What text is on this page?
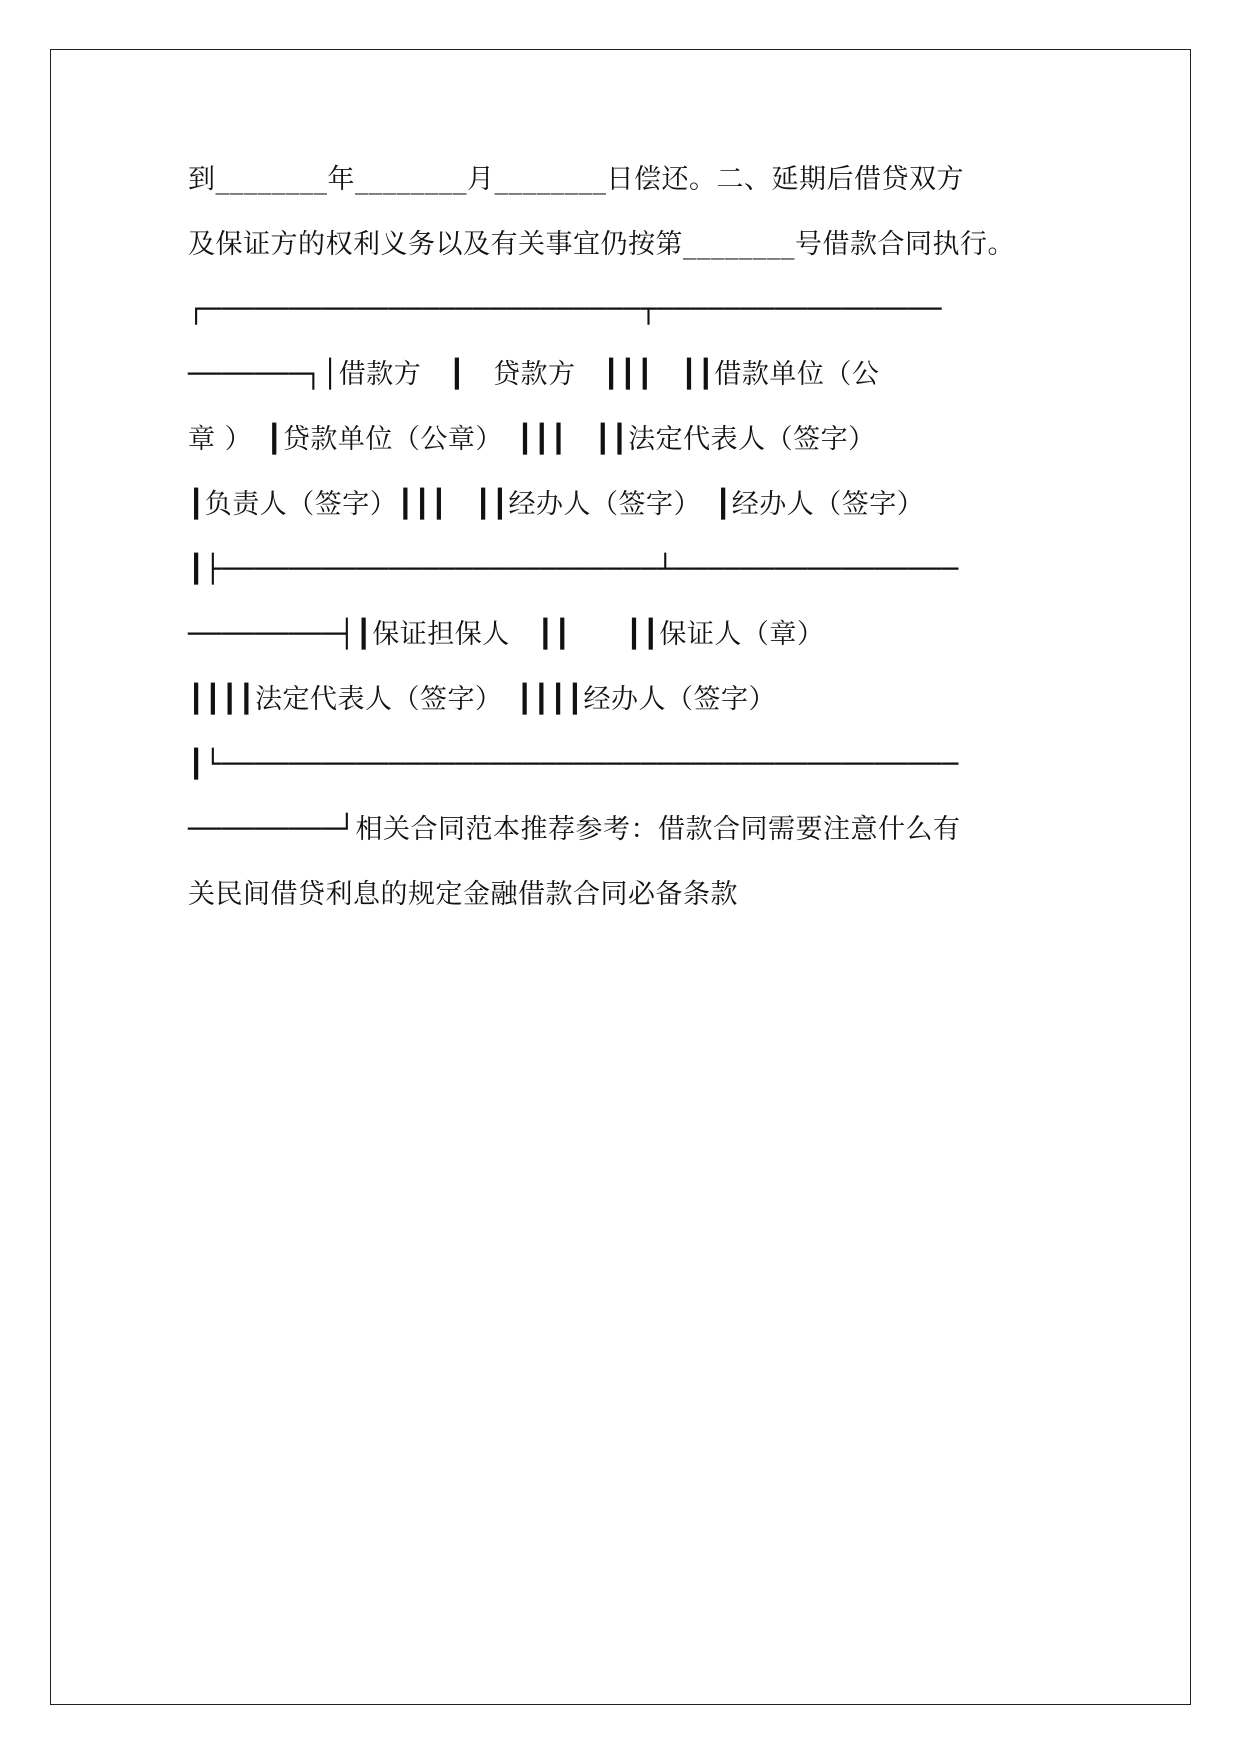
到________年________月________日偿还。二、延期后借贷双方
及保证方的权利义务以及有关事宜仍按第________号借款合同执行。
┌──────────────────────────┬─────────────────
───────┐│借款方　┃　贷款方　┃┃┃　┃┃借款单位（公
章 ）　┃贷款单位（公章）　┃┃┃　┃┃法定代表人（签字）
┃负责人（签字）┃┃┃　┃┃经办人（签字）　┃经办人（签字）
┃├──────────────────────────┴─────────────────
─────────┤┃保证担保人　┃┃　　┃┃保证人（章）
┃┃┃┃法定代表人（签字）　┃┃┃┃经办人（签字）
┃└────────────────────────────────────────────
─────────┘相关合同范本推荐参考：借款合同需要注意什么有
关民间借贷利息的规定金融借款合同必备条款
